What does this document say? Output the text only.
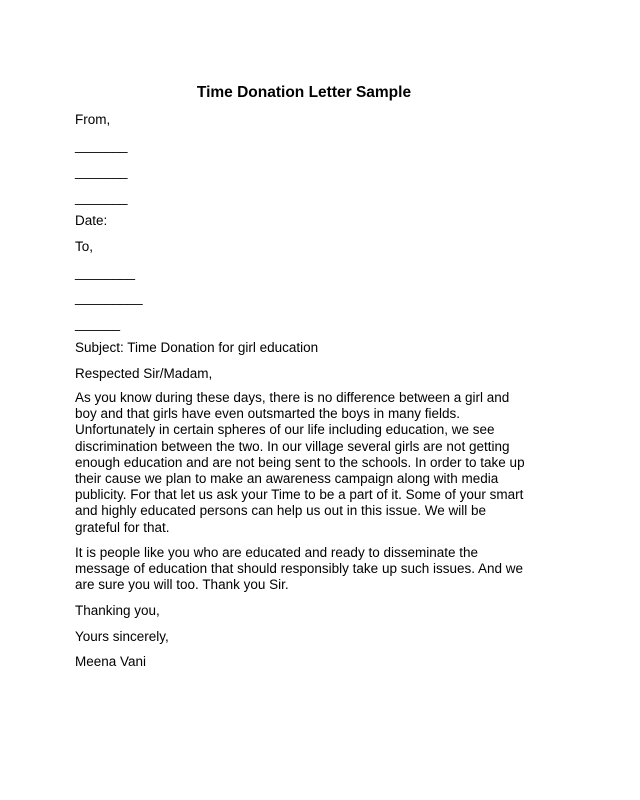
Time Donation Letter Sample
From,
_______
_______
_______
Date:
To,
________
_________
______
Subject: Time Donation for girl education
Respected Sir/Madam,
As you know during these days, there is no difference between a girl and
boy and that girls have even outsmarted the boys in many fields.
Unfortunately in certain spheres of our life including education, we see
discrimination between the two. In our village several girls are not getting
enough education and are not being sent to the schools. In order to take up
their cause we plan to make an awareness campaign along with media
publicity. For that let us ask your Time to be a part of it. Some of your smart
and highly educated persons can help us out in this issue. We will be
grateful for that.
It is people like you who are educated and ready to disseminate the
message of education that should responsibly take up such issues. And we
are sure you will too. Thank you Sir.
Thanking you,
Yours sincerely,
Meena Vani
